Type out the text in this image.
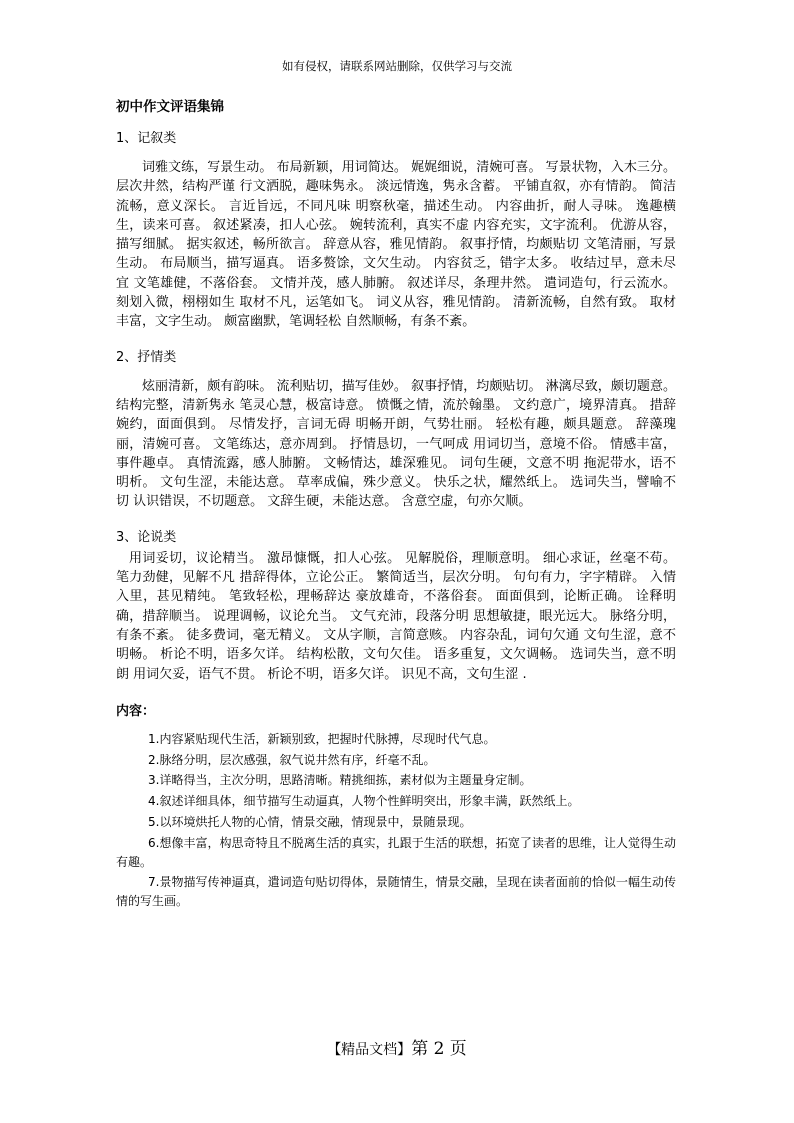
如有侵权，请联系网站删除，仅供学习与交流
初中作文评语集锦
1、记叙类
词雅文练，写景生动。 布局新颖，用词简达。 娓娓细说，清婉可喜。 写景状物，入木三分。 层次井然，结构严谨 行文洒脱，趣味隽永。 淡远情逸，隽永含蓄。 平铺直叙，亦有情韵。 简洁流畅，意义深长。 言近旨远，不同凡味 明察秋毫，描述生动。 内容曲折，耐人寻味。 逸趣横生，读来可喜。 叙述紧凑，扣人心弦。 婉转流利，真实不虚 内容充实，文字流利。 优游从容，描写细腻。 据实叙述，畅所欲言。 辞意从容，雅见情韵。 叙事抒情，均颇贴切 文笔清丽，写景生动。 布局顺当，描写逼真。 语多赘馀，文欠生动。 内容贫乏，错字太多。 收结过早，意未尽宜 文笔雄健，不落俗套。 文情并茂，感人肺腑。 叙述详尽，条理井然。 遣词造句，行云流水。 刻划入微，栩栩如生 取材不凡，运笔如飞。 词义从容，雅见情韵。 清新流畅，自然有致。 取材丰富，文字生动。 颇富幽默，笔调轻松 自然顺畅，有条不紊。
2、抒情类
炫丽清新，颇有韵味。 流利贴切，描写佳妙。 叙事抒情，均颇贴切。 淋漓尽致，颇切题意。 结构完整，清新隽永 笔灵心慧，极富诗意。 愤慨之情，流於翰墨。 文约意广，境界清真。 措辞婉约，面面俱到。 尽情发抒，言词无碍 明畅开朗，气势壮丽。 轻松有趣，颇具题意。 辞藻瑰丽，清婉可喜。 文笔练达，意亦周到。 抒情恳切，一气呵成 用词切当，意境不俗。 情感丰富，事件趣卓。 真情流露，感人肺腑。 文畅情达，雄深雅见。 词句生硬，文意不明 拖泥带水，语不明析。 文句生涩，未能达意。 草率成偏，殊少意义。 快乐之状，耀然纸上。 选词失当，譬喻不切 认识错误，不切题意。 文辞生硬，未能达意。 含意空虚，句亦欠顺。
3、论说类
用词妥切，议论精当。 激昂慷慨，扣人心弦。 见解脱俗，理顺意明。 细心求证，丝毫不苟。 笔力劲健，见解不凡 措辞得体，立论公正。 繁简适当，层次分明。 句句有力，字字精辟。 入情入里，甚见精纯。 笔致轻松，理畅辞达 豪放雄奇，不落俗套。 面面俱到，论断正确。 诠释明确，措辞顺当。 说理调畅，议论允当。 文气充沛，段落分明 思想敏捷，眼光远大。 脉络分明，有条不紊。 徒多费词，毫无精义。 文从字顺，言简意赅。 内容杂乱，词句欠通 文句生涩，意不明畅。 析论不明，语多欠详。 结构松散，文句欠佳。 语多重复，文欠调畅。 选词失当，意不明朗 用词欠妥，语气不贯。 析论不明，语多欠详。 识见不高，文句生涩 .
内容：
1.内容紧贴现代生活，新颖别致，把握时代脉搏，尽现时代气息。
2.脉络分明，层次感强，叙气说井然有序，纤毫不乱。
3.详略得当，主次分明，思路清晰。精挑细拣，素材似为主题量身定制。
4.叙述详细具体，细节描写生动逼真，人物个性鲜明突出，形象丰满，跃然纸上。
5.以环境烘托人物的心情，情景交融，情现景中，景随景现。
6.想像丰富，构思奇特且不脱离生活的真实，扎跟于生活的联想，拓宽了读者的思维，让人觉得生动有趣。
7.景物描写传神逼真，遣词造句贴切得体，景随情生，情景交融，呈现在读者面前的恰似一幅生动传情的写生画。
【精品文档】第 2 页
